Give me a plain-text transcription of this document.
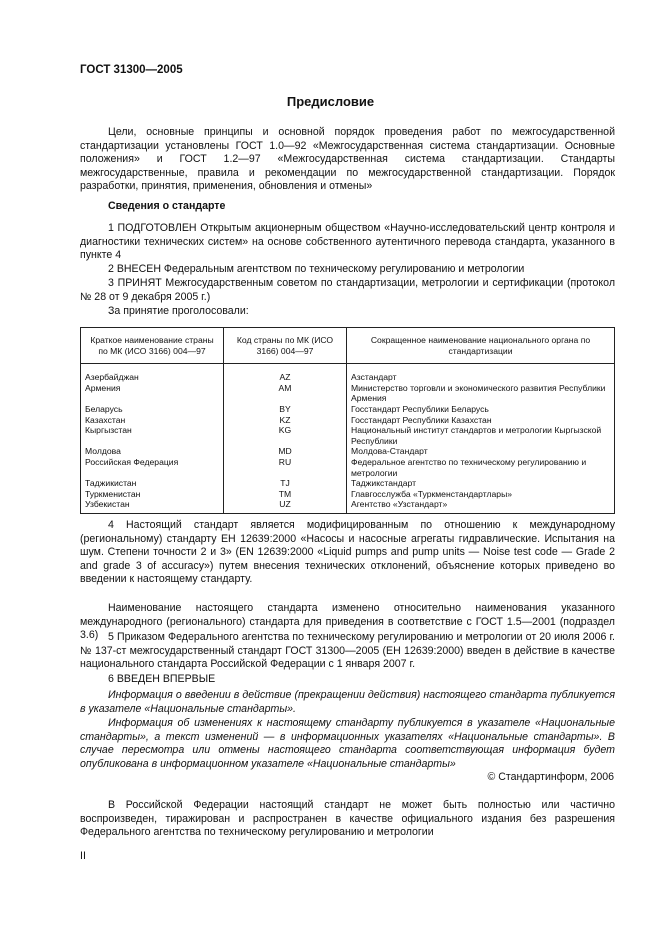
ГОСТ 31300—2005
Предисловие

Цели, основные принципы и основной порядок проведения работ по межгосударственной стандартизации установлены ГОСТ 1.0—92 «Межгосударственная система стандартизации. Основные положения» и ГОСТ 1.2—97 «Межгосударственная система стандартизации. Стандарты межгосударственные, правила и рекомендации по межгосударственной стандартизации. Порядок разработки, принятия, применения, обновления и отмены»

Сведения о стандарте

1 ПОДГОТОВЛЕН Открытым акционерным обществом «Научно-исследовательский центр контроля и диагностики технических систем» на основе собственного аутентичного перевода стандарта, указанного в пункте 4

2 ВНЕСЕН Федеральным агентством по техническому регулированию и метрологии

3 ПРИНЯТ Межгосударственным советом по стандартизации, метрологии и сертификации (протокол № 28 от 9 декабря 2005 г.)

За принятие проголосовали:

Краткое наименование страны по МК (ИСО 3166) 004—97	Код страны по МК (ИСО 3166) 004—97	Сокращенное наименование национального органа по стандартизации
Азербайджан	AZ	Азстандарт
Армения	AM	Министерство торговли и экономического развития Республики Армения
Беларусь	BY	Госстандарт Республики Беларусь
Казахстан	KZ	Госстандарт Республики Казахстан
Кыргызстан	KG	Национальный институт стандартов и метрологии Кыргызской Республики
Молдова	MD	Молдова-Стандарт
Российская Федерация	RU	Федеральное агентство по техническому регулированию и метрологии
Таджикистан	TJ	Таджикстандарт
Туркменистан	TM	Главгосслужба «Туркменстандартлары»
Узбекистан	UZ	Агентство «Узстандарт»

4 Настоящий стандарт является модифицированным по отношению к международному (региональному) стандарту ЕН 12639:2000 «Насосы и насосные агрегаты гидравлические. Испытания на шум. Степени точности 2 и 3» (EN 12639:2000 «Liquid pumps and pump units — Noise test code — Grade 2 and grade 3 of accuracy») путем внесения технических отклонений, объяснение которых приведено во введении к настоящему стандарту.

Наименование настоящего стандарта изменено относительно наименования указанного международного (регионального) стандарта для приведения в соответствие с ГОСТ 1.5—2001 (подраздел 3.6) 5 Приказом Федерального агентства по техническому регулированию и метрологии от 20 июля 2006 г. № 137-ст межгосударственный стандарт ГОСТ 31300—2005 (ЕН 12639:2000) введен в действие в качестве национального стандарта Российской Федерации с 1 января 2007 г.

6 ВВЕДЕН ВПЕРВЫЕ

Информация о введении в действие (прекращении действия) настоящего стандарта публикуется в указателе «Национальные стандарты».

Информация об изменениях к настоящему стандарту публикуется в указателе «Национальные стандарты», а текст изменений — в информационных указателях «Национальные стандарты». В случае пересмотра или отмены настоящего стандарта соответствующая информация будет опубликована в информационном указателе «Национальные стандарты»

© Стандартинформ, 2006

В Российской Федерации настоящий стандарт не может быть полностью или частично воспроизведен, тиражирован и распространен в качестве официального издания без разрешения Федерального агентства по техническому регулированию и метрологии

II
